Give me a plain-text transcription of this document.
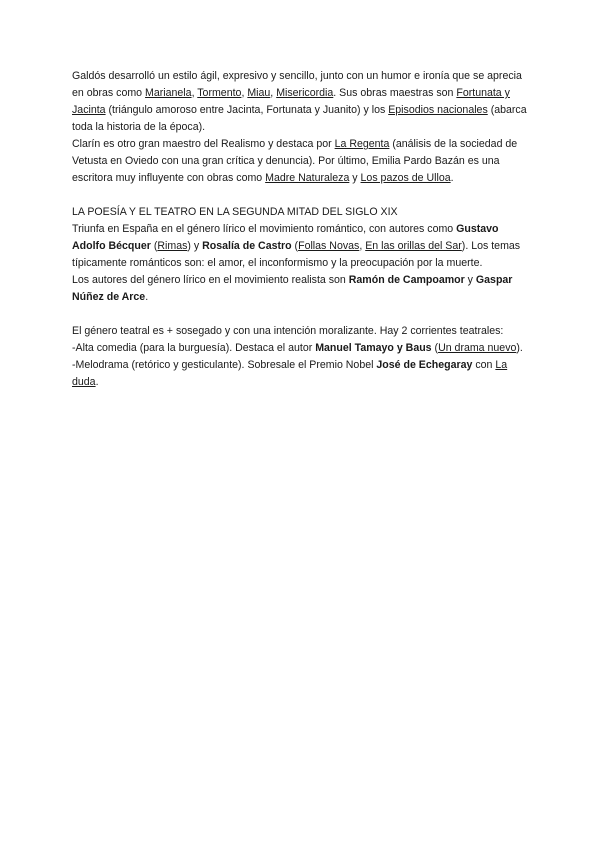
Galdós desarrolló un estilo ágil, expresivo y sencillo, junto con un humor e ironía que se aprecia en obras como Marianela, Tormento, Miau, Misericordia. Sus obras maestras son Fortunata y Jacinta (triángulo amoroso entre Jacinta, Fortunata y Juanito) y los Episodios nacionales (abarca toda la historia de la época).

Clarín es otro gran maestro del Realismo y destaca por La Regenta (análisis de la sociedad de Vetusta en Oviedo con una gran crítica y denuncia). Por último, Emilia Pardo Bazán es una escritora muy influyente con obras como Madre Naturaleza y Los pazos de Ulloa.

LA POESÍA Y EL TEATRO EN LA SEGUNDA MITAD DEL SIGLO XIX

Triunfa en España en el género lírico el movimiento romántico, con autores como Gustavo Adolfo Bécquer (Rimas) y Rosalía de Castro (Follas Novas, En las orillas del Sar). Los temas típicamente románticos son: el amor, el inconformismo y la preocupación por la muerte.

Los autores del género lírico en el movimiento realista son Ramón de Campoamor y Gaspar Núñez de Arce.

El género teatral es + sosegado y con una intención moralizante. Hay 2 corrientes teatrales:

-Alta comedia (para la burguesía). Destaca el autor Manuel Tamayo y Baus (Un drama nuevo).

-Melodrama (retórico y gesticulante). Sobresale el Premio Nobel José de Echegaray con La duda.
